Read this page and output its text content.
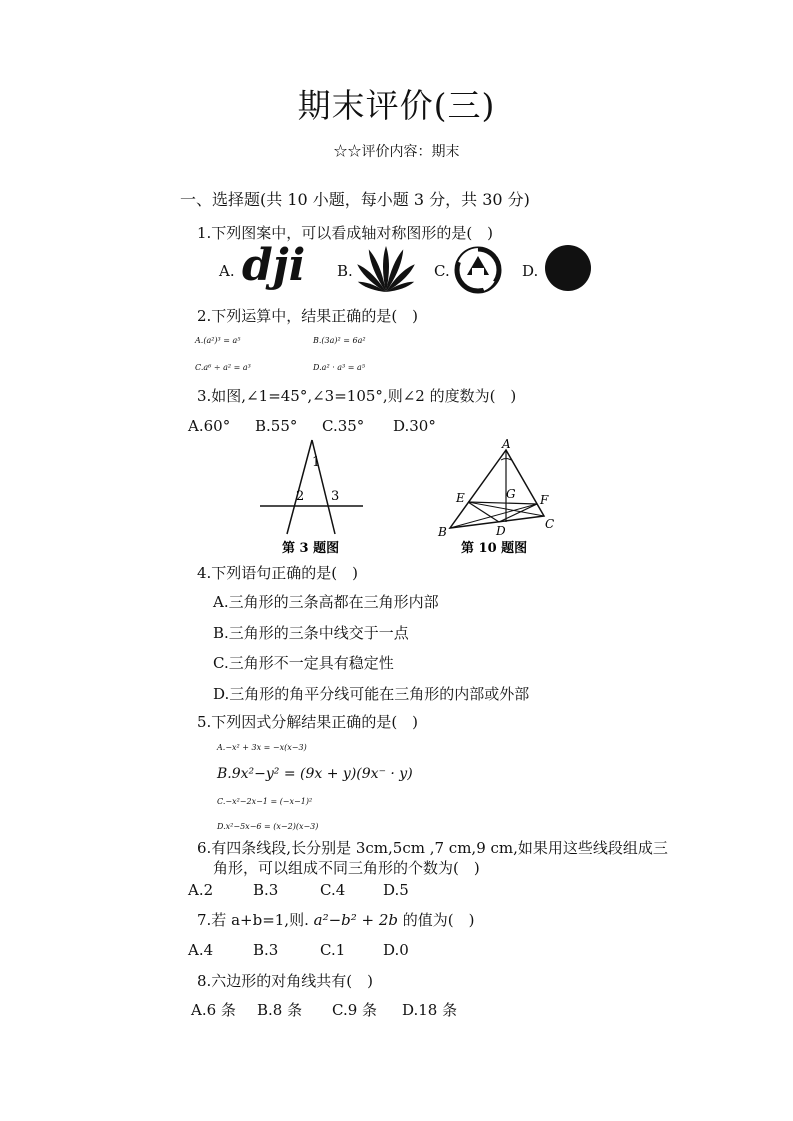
期末评价(三)
☆☆评价内容：期末
一、选择题(共 10 小题，每小题 3 分，共 30 分)
1.下列图案中，可以看成轴对称图形的是(　)
A. dji B.	C.	D.
2.下列运算中，结果正确的是(　)
A.(a²)³ = a⁵	B.(3a)² = 6a²
C.a⁶ ÷ a² = a³	D.a² · a³ = a⁵
3.如图,∠1=45°,∠3=105°,则∠2 的度数为(　)
A.60° B.55° C.35° D.30°
1
2 3
第 3 题图
A
E	G F
B	D	C
第 10 题图
4.下列语句正确的是(　)
A.三角形的三条高都在三角形内部
B.三角形的三条中线交于一点
C.三角形不一定具有稳定性
D.三角形的角平分线可能在三角形的内部或外部
5.下列因式分解结果正确的是(　)
A.−x² + 3x = −x(x−3)
B.9x²−y² = (9x + y)(9x⁻ · y)
C.−x²−2x−1 = (−x−1)²
D.x²−5x−6 = (x−2)(x−3)
6.有四条线段,长分别是 3cm,5cm ,7 cm,9 cm,如果用这些线段组成三
角形，可以组成不同三角形的个数为(　)
A.2	B.3	C.4	D.5
7.若 a+b=1,则. a²−b² + 2b 的值为(　)
A.4	B.3	C.1	D.0
8.六边形的对角线共有(　)
A.6 条 B.8 条 C.9 条 D.18 条
